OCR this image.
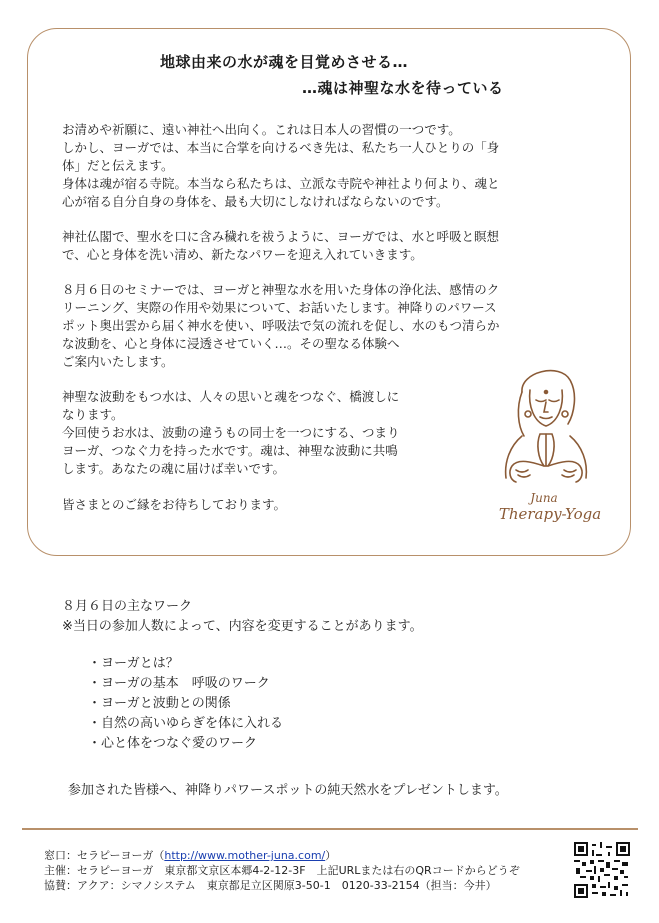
地球由来の水が魂を目覚めさせる…
…魂は神聖な水を待っている

お清めや祈願に、遠い神社へ出向く。これは日本人の習慣の一つです。
しかし、ヨーガでは、本当に合掌を向けるべき先は、私たち一人ひとりの「身
体」だと伝えます。
身体は魂が宿る寺院。本当なら私たちは、立派な寺院や神社より何より、魂と
心が宿る自分自身の身体を、最も大切にしなければならないのです。

神社仏閣で、聖水を口に含み穢れを祓うように、ヨーガでは、水と呼吸と瞑想
で、心と身体を洗い清め、新たなパワーを迎え入れていきます。

８月６日のセミナーでは、ヨーガと神聖な水を用いた身体の浄化法、感情のク
リーニング、実際の作用や効果について、お話いたします。神降りのパワース
ポット奥出雲から届く神水を使い、呼吸法で気の流れを促し、水のもつ清らか
な波動を、心と身体に浸透させていく…。その聖なる体験へ
ご案内いたします。

神聖な波動をもつ水は、人々の思いと魂をつなぐ、橋渡しに
なります。
今回使うお水は、波動の違うもの同士を一つにする、つまり
ヨーガ、つなぐ力を持った水です。魂は、神聖な波動に共鳴
します。あなたの魂に届けば幸いです。

皆さまとのご縁をお待ちしております。	Juna
Therapy-Yoga
８月６日の主なワーク
※当日の参加人数によって、内容を変更することがあります。
・ヨーガとは？
・ヨーガの基本　呼吸のワーク
・ヨーガと波動との関係
・自然の高いゆらぎを体に入れる
・心と体をつなぐ愛のワーク
参加された皆様へ、神降りパワースポットの純天然水をプレゼントします。
窓口：セラピーヨーガ（http://www.mother-juna.com/）
主催：セラピーヨーガ　東京都文京区本郷4-2-12-3F　上記URLまたは右のQRコードからどうぞ
協賛：アクア：シマノシステム　東京都足立区関原3-50-1　0120-33-2154（担当：今井）
